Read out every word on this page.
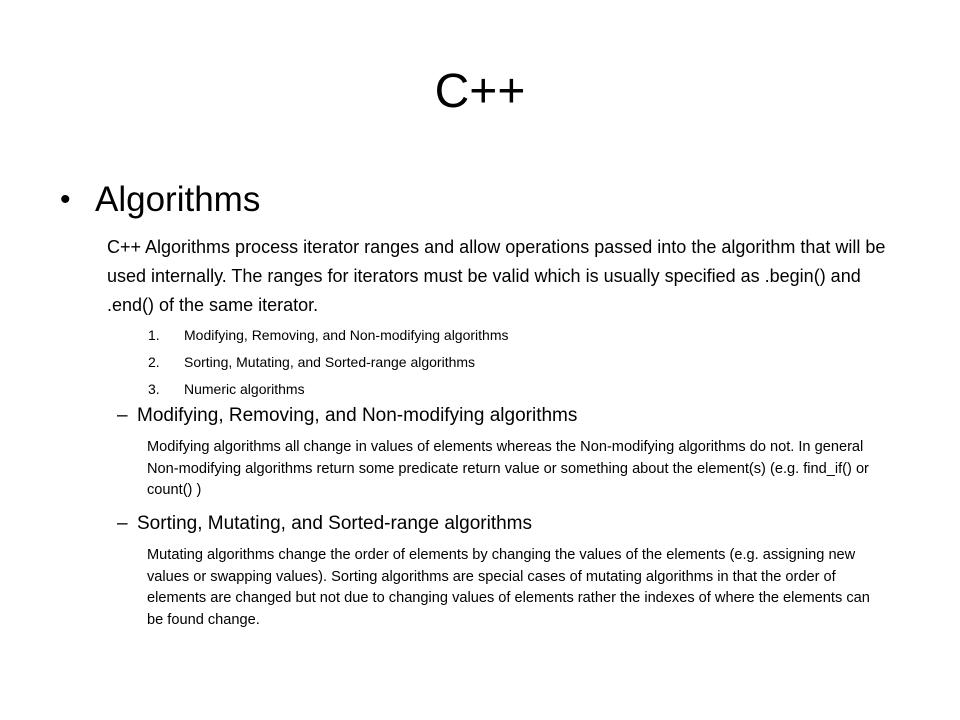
C++
• Algorithms

C++ Algorithms process iterator ranges and allow operations passed into the algorithm that will be used internally. The ranges for iterators must be valid which is usually specified as .begin() and .end() of the same iterator.

1.	Modifying, Removing, and Non-modifying algorithms
2.	Sorting, Mutating, and Sorted-range algorithms
3.	Numeric algorithms
– Modifying, Removing, and Non-modifying algorithms

Modifying algorithms all change in values of elements whereas the Non-modifying algorithms do not. In general Non-modifying algorithms return some predicate return value or something about the element(s) (e.g. find_if() or count() )

– Sorting, Mutating, and Sorted-range algorithms

Mutating algorithms change the order of elements by changing the values of the elements (e.g. assigning new values or swapping values). Sorting algorithms are special cases of mutating algorithms in that the order of elements are changed but not due to changing values of elements rather the indexes of where the elements can be found change.
